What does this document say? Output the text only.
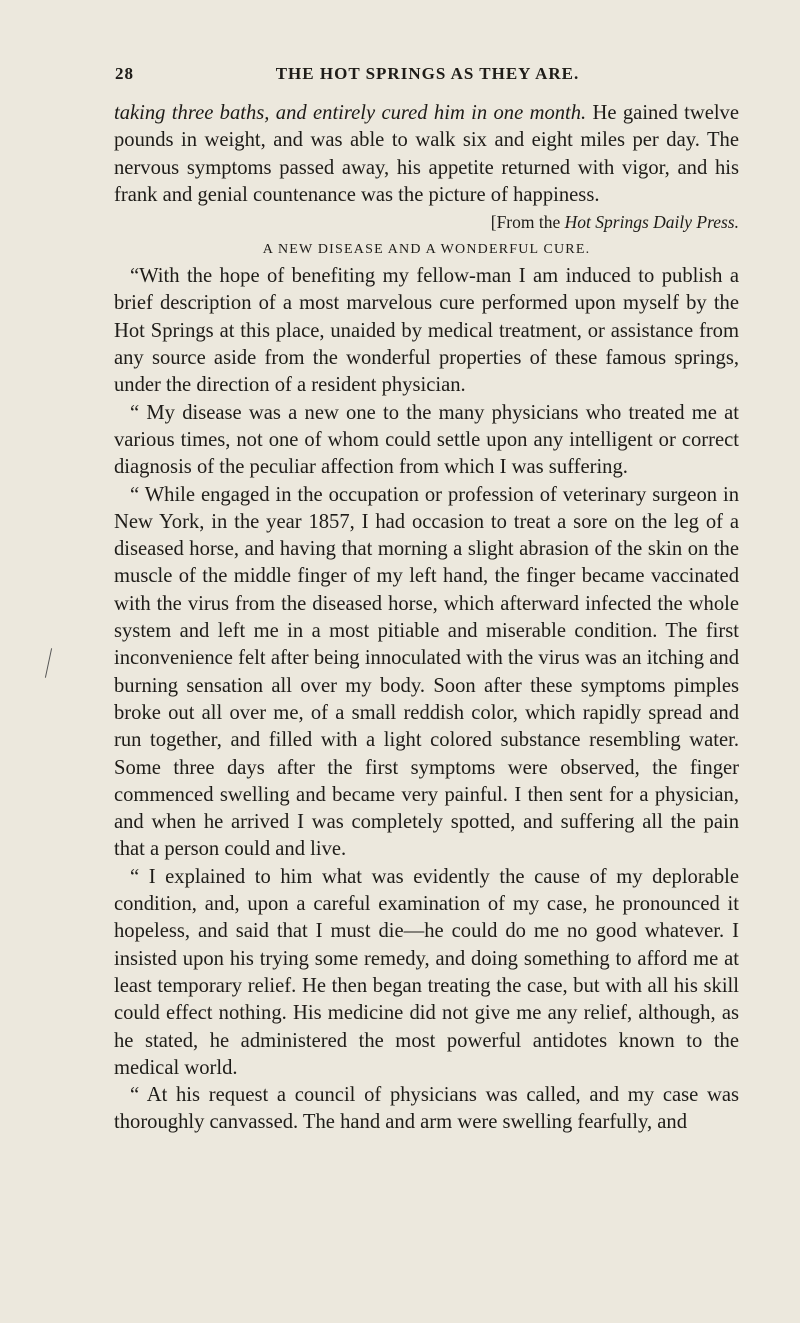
28	THE HOT SPRINGS AS THEY ARE.

taking three baths, and entirely cured him in one month. He gained twelve pounds in weight, and was able to walk six and eight miles per day. The nervous symptoms passed away, his appetite returned with vigor, and his frank and genial countenance was the picture of happiness.

[From the Hot Springs Daily Press.

A NEW DISEASE AND A WONDERFUL CURE.

“With the hope of benefiting my fellow-man I am induced to publish a brief description of a most marvelous cure performed upon myself by the Hot Springs at this place, unaided by medical treatment, or assistance from any source aside from the wonderful properties of these famous springs, under the direction of a resident physician.

“ My disease was a new one to the many physicians who treated me at various times, not one of whom could settle upon any intelligent or correct diagnosis of the peculiar affection from which I was suffering.

“ While engaged in the occupation or profession of veterinary surgeon in New York, in the year 1857, I had occasion to treat a sore on the leg of a diseased horse, and having that morning a slight abrasion of the skin on the muscle of the middle finger of my left hand, the finger became vaccinated with the virus from the diseased horse, which afterward infected the whole system and left me in a most pitiable and miserable condition. The first inconvenience felt after being innoculated with the virus was an itching and burning sensation all over my body. Soon after these symptoms pimples broke out all over me, of a small reddish color, which rapidly spread and run together, and filled with a light colored substance resembling water. Some three days after the first symptoms were observed, the finger commenced swelling and became very painful. I then sent for a physician, and when he arrived I was completely spotted, and suffering all the pain that a person could and live.

“ I explained to him what was evidently the cause of my deplorable condition, and, upon a careful examination of my case, he pronounced it hopeless, and said that I must die—he could do me no good whatever. I insisted upon his trying some remedy, and doing something to afford me at least temporary relief. He then began treating the case, but with all his skill could effect nothing. His medicine did not give me any relief, although, as he stated, he administered the most powerful antidotes known to the medical world.

“ At his request a council of physicians was called, and my case was thoroughly canvassed. The hand and arm were swelling fearfully, and
